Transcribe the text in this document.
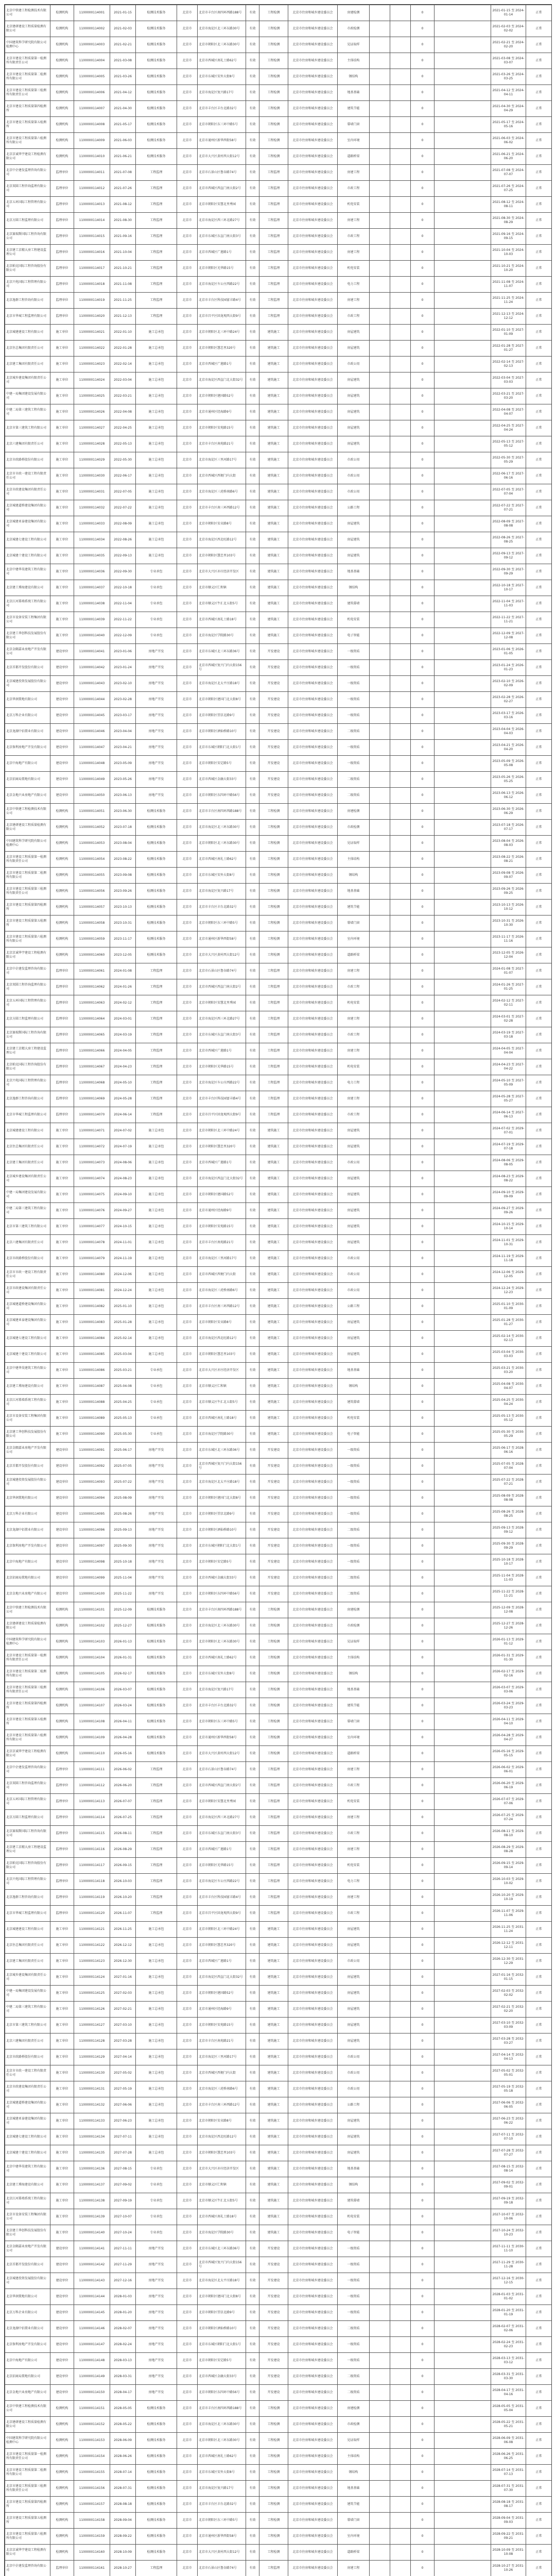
北京中铁建工程检测技术有限公司	检测机构	1100000114001	2021-01-15	检测技术服务	北京市	北京市丰台区南四环西路188号	有效	工程检测	北京市住房和城乡建设委员会	房建检测			0		2021-01-15 至 2024-01-14	正常
北京建研建设工程质量检测有限公司	检测机构	1100000114002	2021-02-03	检测技术服务	北京市	北京市海淀区北三环东路30号	有效	工程检测	北京市住房和城乡建设委员会	市政检测			0		2021-02-03 至 2024-02-02	正常
中国建筑科学研究院有限公司检测中心	检测机构	1100000114003	2021-02-21	检测技术服务	北京市	北京市朝阳区北三环东路30号	有效	工程检测	北京市住房和城乡建设委员会	见证取样			0		2021-02-21 至 2024-02-20	正常
北京市建设工程质量第一检测所有限责任公司	检测机构	1100000114004	2021-03-08	检测技术服务	北京市	北京市西城区南礼士路62号	有效	工程检测	北京市住房和城乡建设委员会	主体结构			0		2021-03-08 至 2024-03-07	正常
北京市建设工程质量第二检测所有限公司	检测机构	1100000114005	2021-03-26	检测技术服务	北京市	北京市东城区安外大街8号	有效	工程检测	北京市住房和城乡建设委员会	钢结构			0		2021-03-26 至 2024-03-25	正常
北京市建设工程质量第三检测所有限责任公司	检测机构	1100000114006	2021-04-12	检测技术服务	北京市	北京市海淀区复兴路17号	有效	工程检测	北京市住房和城乡建设委员会	地基基础			0		2021-04-12 至 2024-04-11	正常
北京市建设工程质量第四检测所	检测机构	1100000114007	2021-04-30	检测技术服务	北京市	北京市丰台区丰台北路32号	有效	工程检测	北京市住房和城乡建设委员会	建筑节能			0		2021-04-30 至 2024-04-29	正常
北京市建设工程质量第五检测所	检测机构	1100000114008	2021-05-17	检测技术服务	北京市	北京市朝阳区东三环中路5号	有效	工程检测	北京市住房和城乡建设委员会	幕墙门窗			0		2021-05-17 至 2024-05-16	正常
北京市建设工程质量第六检测所有限公司	检测机构	1100000114009	2021-06-03	检测技术服务	北京市	北京市通州区新华西街58号	有效	工程检测	北京市住房和城乡建设委员会	室内环境			0		2021-06-03 至 2024-06-02	正常
北京京诚华宇建设工程检测有限公司	检测机构	1100000114010	2021-06-21	检测技术服务	北京市	北京市大兴区黄村西大街12号	有效	工程检测	北京市住房和城乡建设委员会	道路桥梁			0		2021-06-21 至 2024-06-20	正常
北京中企建发监理咨询有限公司	监理单位	1100000114011	2021-07-08	工程监理	北京市	北京市石景山区鲁谷路74号	有效	工程监理	北京市住房和城乡建设委员会	房建工程			0		2021-07-08 至 2024-07-07	正常
北京双圆工程咨询监理有限公司	监理单位	1100000114012	2021-07-26	工程监理	北京市	北京市西城区西直门南大街2号	有效	工程监理	北京市住房和城乡建设委员会	市政工程			0		2021-07-26 至 2024-07-25	正常
北京五环国际工程管理有限公司	监理单位	1100000114013	2021-08-12	工程监理	北京市	北京市朝阳区安慧北里秀园	有效	工程监理	北京市住房和城乡建设委员会	机电安装			0		2021-08-12 至 2024-08-11	正常
北京方圆工程监理有限公司	监理单位	1100000114014	2021-08-30	工程监理	北京市	北京市海淀区西三环北路27号	有效	工程监理	北京市住房和城乡建设委员会	房建工程			0		2021-08-30 至 2024-08-29	正常
北京赛瑞斯国际工程咨询有限公司	监理单位	1100000114015	2021-09-16	工程监理	北京市	北京市东城区东直门南大街3号	有效	工程监理	北京市住房和城乡建设委员会	市政工程			0		2021-09-16 至 2024-09-15	正常
北京建工京精大房工程建设监理公司	监理单位	1100000114016	2021-10-04	工程监理	北京市	北京市西城区广莲路1号	有效	工程监理	北京市住房和城乡建设委员会	房建工程			0		2021-10-04 至 2024-10-03	正常
北京帕克国际工程咨询股份有限公司	监理单位	1100000114017	2021-10-21	工程监理	北京市	北京市朝阳区光华路15号	有效	工程监理	北京市住房和城乡建设委员会	机电安装			0		2021-10-21 至 2024-10-20	正常
北京兴电国际工程管理有限公司	监理单位	1100000114018	2021-11-08	工程监理	北京市	北京市海淀区车公庄西路22号	有效	工程监理	北京市住房和城乡建设委员会	电力工程			0		2021-11-08 至 2024-11-07	正常
北京逸群工程咨询有限公司	监理单位	1100000114019	2021-11-25	工程监理	北京市	北京市丰台区科技园富丰路4号	有效	工程监理	北京市住房和城乡建设委员会	房建工程			0		2021-11-25 至 2024-11-24	正常
北京市华城工程监理有限公司	监理单位	1100000114020	2021-12-13	工程监理	北京市	北京市昌平区回龙观西大街9号	有效	工程监理	北京市住房和城乡建设委员会	市政工程			0		2021-12-13 至 2024-12-12	正常
北京城建建设工程有限公司	施工单位	1100000114021	2022-01-10	施工总承包	北京市	北京市朝阳区北三环中路24号	有效	建筑施工	北京市住房和城乡建设委员会	房屋建筑			0		2022-01-10 至 2027-01-09	正常
北京住总集团有限责任公司	施工单位	1100000114022	2022-01-28	施工总承包	北京市	北京市朝阳区慧忠里320号	有效	建筑施工	北京市住房和城乡建设委员会	房屋建筑			0		2022-01-28 至 2027-01-27	正常
北京建工集团有限责任公司	施工单位	1100000114023	2022-02-14	施工总承包	北京市	北京市西城区广莲路1号	有效	建筑施工	北京市住房和城乡建设委员会	市政公用			0		2022-02-14 至 2027-02-13	正常
北京城乡建设集团有限责任公司	施工单位	1100000114024	2022-03-04	施工总承包	北京市	北京市海淀区西直门北大街32号	有效	建筑施工	北京市住房和城乡建设委员会	房屋建筑			0		2022-03-04 至 2027-03-03	正常
中建一局集团建设发展有限公司	施工单位	1100000114025	2022-03-21	施工总承包	北京市	北京市朝阳区建国路52号	有效	建筑施工	北京市住房和城乡建设委员会	房屋建筑			0		2022-03-21 至 2027-03-20	正常
中建二局第三建筑工程有限公司	施工单位	1100000114026	2022-04-08	施工总承包	北京市	北京市通州区经海路9号	有效	建筑施工	北京市住房和城乡建设委员会	房屋建筑			0		2022-04-08 至 2027-04-07	正常
北京市第三建筑工程有限公司	施工单位	1100000114027	2022-04-25	施工总承包	北京市	北京市朝阳区安苑路15号	有效	建筑施工	北京市住房和城乡建设委员会	房屋建筑			0		2022-04-25 至 2027-04-24	正常
北京六建集团有限责任公司	施工单位	1100000114028	2022-05-13	施工总承包	北京市	北京市丰台区南苑路21号	有效	建筑施工	北京市住房和城乡建设委员会	房屋建筑			0		2022-05-13 至 2027-05-12	正常
北京市政路桥股份有限公司	施工单位	1100000114029	2022-05-30	施工总承包	北京市	北京市海淀区三里河路17号	有效	建筑施工	北京市住房和城乡建设委员会	市政公用			0		2022-05-30 至 2027-05-29	正常
北京市市政一建设工程有限责任公司	施工单位	1100000114030	2022-06-17	施工总承包	北京市	北京市西城区西便门内大街	有效	建筑施工	北京市住房和城乡建设委员会	市政公用			0		2022-06-17 至 2027-06-16	正常
北京市政建设集团有限责任公司	施工单位	1100000114031	2022-07-05	施工总承包	北京市	北京市海淀区三虎桥南路6号	有效	建筑施工	北京市住房和城乡建设委员会	市政公用			0		2022-07-05 至 2027-07-04	正常
北京城建道桥建设集团有限公司	施工单位	1100000114032	2022-07-22	施工总承包	北京市	北京市丰台区南三环西路12号	有效	建筑施工	北京市住房和城乡建设委员会	公路工程			0		2022-07-22 至 2027-07-21	正常
北京城建亚泰建设集团有限公司	施工单位	1100000114033	2022-08-09	施工总承包	北京市	北京市朝阳区安贞路8号	有效	建筑施工	北京市住房和城乡建设委员会	房屋建筑			0		2022-08-09 至 2027-08-08	正常
北京城建七建设工程有限公司	施工单位	1100000114034	2022-08-26	施工总承包	北京市	北京市海淀区西北旺路12号	有效	建筑施工	北京市住房和城乡建设委员会	房屋建筑			0		2022-08-26 至 2027-08-25	正常
北京城建十建设工程有限公司	施工单位	1100000114035	2022-09-13	施工总承包	北京市	北京市朝阳区慧忠里103号	有效	建筑施工	北京市住房和城乡建设委员会	房屋建筑			0		2022-09-13 至 2027-09-12	正常
北京中建华昊建筑工程有限公司	施工单位	1100000114036	2022-09-30	专业承包	北京市	北京市大兴区亦庄经济开发区	有效	建筑施工	北京市住房和城乡建设委员会	地基基础			0		2022-09-30 至 2027-09-29	正常
北京建工博海建设有限公司	施工单位	1100000114037	2022-10-18	专业承包	北京市	北京市顺义区仁和镇	有效	建筑施工	北京市住房和城乡建设委员会	钢结构			0		2022-10-18 至 2027-10-17	正常
北京江河幕墙系统工程有限公司	施工单位	1100000114038	2022-11-04	专业承包	北京市	北京市顺义区牛汇北五街5号	有效	建筑施工	北京市住房和城乡建设委员会	建筑幕墙			0		2022-11-04 至 2027-11-03	正常
北京市设备安装工程集团有限公司	施工单位	1100000114039	2022-11-22	专业承包	北京市	北京市西城区南礼士路18号	有效	建筑施工	北京市住房和城乡建设委员会	机电安装			0		2022-11-22 至 2027-11-21	正常
北京建工华创科技发展股份有限公司	施工单位	1100000114040	2022-12-09	专业承包	北京市	北京市海淀区学院路30号	有效	建筑施工	北京市住房和城乡建设委员会	电子智能			0		2022-12-09 至 2027-12-08	正常
北京金隅嘉业房地产开发有限公司	建设单位	1100000114041	2023-01-06	房地产开发	北京市	北京市东城区北三环东路36号	有效	开发建设	北京市住房和城乡建设委员会	一级资质			0		2023-01-06 至 2026-01-05	正常
北京首都开发股份有限公司	建设单位	1100000114042	2023-01-24	房地产开发	北京市	北京市西城区复兴门内大街156号	有效	开发建设	北京市住房和城乡建设委员会	一级资质			0		2023-01-24 至 2026-01-23	正常
北京城建投资发展股份有限公司	建设单位	1100000114043	2023-02-10	房地产开发	北京市	北京市海淀区北太平庄路18号	有效	开发建设	北京市住房和城乡建设委员会	一级资质			0		2023-02-10 至 2026-02-09	正常
北京华润置地有限公司	建设单位	1100000114044	2023-02-28	房地产开发	北京市	北京市朝阳区建国门北大街8号	有效	开发建设	北京市住房和城乡建设委员会	一级资质			0		2023-02-28 至 2026-02-27	正常
北京万科企业有限公司	建设单位	1100000114045	2023-03-17	房地产开发	北京市	北京市朝阳区望京北路9号	有效	开发建设	北京市住房和城乡建设委员会	一级资质			0		2023-03-17 至 2026-03-16	正常
北京龙湖中佰置业有限公司	建设单位	1100000114046	2023-04-04	房地产开发	北京市	北京市朝阳区酒仙桥路10号	有效	开发建设	北京市住房和城乡建设委员会	二级资质			0		2023-04-04 至 2026-04-03	正常
北京保利房地产开发有限公司	建设单位	1100000114047	2023-04-21	房地产开发	北京市	北京市东城区朝阳门北大街1号	有效	开发建设	北京市住房和城乡建设委员会	一级资质			0		2023-04-21 至 2026-04-20	正常
北京中海地产有限公司	建设单位	1100000114048	2023-05-09	房地产开发	北京市	北京市朝阳区安定路5号	有效	开发建设	北京市住房和城乡建设委员会	一级资质			0		2023-05-09 至 2026-05-08	正常
北京招商局置地有限公司	建设单位	1100000114049	2023-05-26	房地产开发	北京市	北京市西城区金融大街33号	有效	开发建设	北京市住房和城乡建设委员会	二级资质			0		2023-05-26 至 2026-05-25	正常
北京金地兴业房地产有限公司	建设单位	1100000114050	2023-06-13	房地产开发	北京市	北京市朝阳区东四环中路56号	有效	开发建设	北京市住房和城乡建设委员会	二级资质			0		2023-06-13 至 2026-06-12	正常
北京中铁建工程检测技术有限公司	检测机构	1100000114051	2023-06-30	检测技术服务	北京市	北京市丰台区南四环西路188号	有效	工程检测	北京市住房和城乡建设委员会	房建检测			0		2023-06-30 至 2026-06-29	正常
北京建研建设工程质量检测有限公司	检测机构	1100000114052	2023-07-18	检测技术服务	北京市	北京市海淀区北三环东路30号	有效	工程检测	北京市住房和城乡建设委员会	市政检测			0		2023-07-18 至 2026-07-17	正常
中国建筑科学研究院有限公司检测中心	检测机构	1100000114053	2023-08-04	检测技术服务	北京市	北京市朝阳区北三环东路30号	有效	工程检测	北京市住房和城乡建设委员会	见证取样			0		2023-08-04 至 2026-08-03	正常
北京市建设工程质量第一检测所有限责任公司	检测机构	1100000114054	2023-08-22	检测技术服务	北京市	北京市西城区南礼士路62号	有效	工程检测	北京市住房和城乡建设委员会	主体结构			0		2023-08-22 至 2026-08-21	正常
北京市建设工程质量第二检测所有限公司	检测机构	1100000114055	2023-09-08	检测技术服务	北京市	北京市东城区安外大街8号	有效	工程检测	北京市住房和城乡建设委员会	钢结构			0		2023-09-08 至 2026-09-07	正常
北京市建设工程质量第三检测所有限责任公司	检测机构	1100000114056	2023-09-26	检测技术服务	北京市	北京市海淀区复兴路17号	有效	工程检测	北京市住房和城乡建设委员会	地基基础			0		2023-09-26 至 2026-09-25	正常
北京市建设工程质量第四检测所	检测机构	1100000114057	2023-10-13	检测技术服务	北京市	北京市丰台区丰台北路32号	有效	工程检测	北京市住房和城乡建设委员会	建筑节能			0		2023-10-13 至 2026-10-12	正常
北京市建设工程质量第五检测所	检测机构	1100000114058	2023-10-31	检测技术服务	北京市	北京市朝阳区东三环中路5号	有效	工程检测	北京市住房和城乡建设委员会	幕墙门窗			0		2023-10-31 至 2026-10-30	正常
北京市建设工程质量第六检测所有限公司	检测机构	1100000114059	2023-11-17	检测技术服务	北京市	北京市通州区新华西街58号	有效	工程检测	北京市住房和城乡建设委员会	室内环境			0		2023-11-17 至 2026-11-16	正常
北京京诚华宇建设工程检测有限公司	检测机构	1100000114060	2023-12-05	检测技术服务	北京市	北京市大兴区黄村西大街12号	有效	工程检测	北京市住房和城乡建设委员会	道路桥梁			0		2023-12-05 至 2026-12-04	正常
北京中企建发监理咨询有限公司	监理单位	1100000114061	2024-01-08	工程监理	北京市	北京市石景山区鲁谷路74号	有效	工程监理	北京市住房和城乡建设委员会	房建工程			0		2024-01-08 至 2027-01-07	正常
北京双圆工程咨询监理有限公司	监理单位	1100000114062	2024-01-26	工程监理	北京市	北京市西城区西直门南大街2号	有效	工程监理	北京市住房和城乡建设委员会	市政工程			0		2024-01-26 至 2027-01-25	正常
北京五环国际工程管理有限公司	监理单位	1100000114063	2024-02-12	工程监理	北京市	北京市朝阳区安慧北里秀园	有效	工程监理	北京市住房和城乡建设委员会	机电安装			0		2024-02-12 至 2027-02-11	正常
北京方圆工程监理有限公司	监理单位	1100000114064	2024-03-01	工程监理	北京市	北京市海淀区西三环北路27号	有效	工程监理	北京市住房和城乡建设委员会	房建工程			0		2024-03-01 至 2027-02-28	正常
北京赛瑞斯国际工程咨询有限公司	监理单位	1100000114065	2024-03-19	工程监理	北京市	北京市东城区东直门南大街3号	有效	工程监理	北京市住房和城乡建设委员会	市政工程			0		2024-03-19 至 2027-03-18	正常
北京建工京精大房工程建设监理公司	监理单位	1100000114066	2024-04-05	工程监理	北京市	北京市西城区广莲路1号	有效	工程监理	北京市住房和城乡建设委员会	房建工程			0		2024-04-05 至 2027-04-04	正常
北京帕克国际工程咨询股份有限公司	监理单位	1100000114067	2024-04-23	工程监理	北京市	北京市朝阳区光华路15号	有效	工程监理	北京市住房和城乡建设委员会	机电安装			0		2024-04-23 至 2027-04-22	正常
北京兴电国际工程管理有限公司	监理单位	1100000114068	2024-05-10	工程监理	北京市	北京市海淀区车公庄西路22号	有效	工程监理	北京市住房和城乡建设委员会	电力工程			0		2024-05-10 至 2027-05-09	正常
北京逸群工程咨询有限公司	监理单位	1100000114069	2024-05-28	工程监理	北京市	北京市丰台区科技园富丰路4号	有效	工程监理	北京市住房和城乡建设委员会	房建工程			0		2024-05-28 至 2027-05-27	正常
北京市华城工程监理有限公司	监理单位	1100000114070	2024-06-14	工程监理	北京市	北京市昌平区回龙观西大街9号	有效	工程监理	北京市住房和城乡建设委员会	市政工程			0		2024-06-14 至 2027-06-13	正常
北京城建建设工程有限公司	施工单位	1100000114071	2024-07-02	施工总承包	北京市	北京市朝阳区北三环中路24号	有效	建筑施工	北京市住房和城乡建设委员会	房屋建筑			0		2024-07-02 至 2029-07-01	正常
北京住总集团有限责任公司	施工单位	1100000114072	2024-07-19	施工总承包	北京市	北京市朝阳区慧忠里320号	有效	建筑施工	北京市住房和城乡建设委员会	房屋建筑			0		2024-07-19 至 2029-07-18	正常
北京建工集团有限责任公司	施工单位	1100000114073	2024-08-06	施工总承包	北京市	北京市西城区广莲路1号	有效	建筑施工	北京市住房和城乡建设委员会	市政公用			0		2024-08-06 至 2029-08-05	正常
北京城乡建设集团有限责任公司	施工单位	1100000114074	2024-08-23	施工总承包	北京市	北京市海淀区西直门北大街32号	有效	建筑施工	北京市住房和城乡建设委员会	房屋建筑			0		2024-08-23 至 2029-08-22	正常
中建一局集团建设发展有限公司	施工单位	1100000114075	2024-09-10	施工总承包	北京市	北京市朝阳区建国路52号	有效	建筑施工	北京市住房和城乡建设委员会	房屋建筑			0		2024-09-10 至 2029-09-09	正常
中建二局第三建筑工程有限公司	施工单位	1100000114076	2024-09-27	施工总承包	北京市	北京市通州区经海路9号	有效	建筑施工	北京市住房和城乡建设委员会	房屋建筑			0		2024-09-27 至 2029-09-26	正常
北京市第三建筑工程有限公司	施工单位	1100000114077	2024-10-15	施工总承包	北京市	北京市朝阳区安苑路15号	有效	建筑施工	北京市住房和城乡建设委员会	房屋建筑			0		2024-10-15 至 2029-10-14	正常
北京六建集团有限责任公司	施工单位	1100000114078	2024-11-01	施工总承包	北京市	北京市丰台区南苑路21号	有效	建筑施工	北京市住房和城乡建设委员会	房屋建筑			0		2024-11-01 至 2029-10-31	正常
北京市政路桥股份有限公司	施工单位	1100000114079	2024-11-19	施工总承包	北京市	北京市海淀区三里河路17号	有效	建筑施工	北京市住房和城乡建设委员会	市政公用			0		2024-11-19 至 2029-11-18	正常
北京市市政一建设工程有限责任公司	施工单位	1100000114080	2024-12-06	施工总承包	北京市	北京市西城区西便门内大街	有效	建筑施工	北京市住房和城乡建设委员会	市政公用			0		2024-12-06 至 2029-12-05	正常
北京市政建设集团有限责任公司	施工单位	1100000114081	2024-12-24	施工总承包	北京市	北京市海淀区三虎桥南路6号	有效	建筑施工	北京市住房和城乡建设委员会	市政公用			0		2024-12-24 至 2029-12-23	正常
北京城建道桥建设集团有限公司	施工单位	1100000114082	2025-01-10	施工总承包	北京市	北京市丰台区南三环西路12号	有效	建筑施工	北京市住房和城乡建设委员会	公路工程			0		2025-01-10 至 2030-01-09	正常
北京城建亚泰建设集团有限公司	施工单位	1100000114083	2025-01-28	施工总承包	北京市	北京市朝阳区安贞路8号	有效	建筑施工	北京市住房和城乡建设委员会	房屋建筑			0		2025-01-28 至 2030-01-27	正常
北京城建七建设工程有限公司	施工单位	1100000114084	2025-02-14	施工总承包	北京市	北京市海淀区西北旺路12号	有效	建筑施工	北京市住房和城乡建设委员会	房屋建筑			0		2025-02-14 至 2030-02-13	正常
北京城建十建设工程有限公司	施工单位	1100000114085	2025-03-04	施工总承包	北京市	北京市朝阳区慧忠里103号	有效	建筑施工	北京市住房和城乡建设委员会	房屋建筑			0		2025-03-04 至 2030-03-03	正常
北京中建华昊建筑工程有限公司	施工单位	1100000114086	2025-03-21	专业承包	北京市	北京市大兴区亦庄经济开发区	有效	建筑施工	北京市住房和城乡建设委员会	地基基础			0		2025-03-21 至 2030-03-20	正常
北京建工博海建设有限公司	施工单位	1100000114087	2025-04-08	专业承包	北京市	北京市顺义区仁和镇	有效	建筑施工	北京市住房和城乡建设委员会	钢结构			0		2025-04-08 至 2030-04-07	正常
北京江河幕墙系统工程有限公司	施工单位	1100000114088	2025-04-25	专业承包	北京市	北京市顺义区牛汇北五街5号	有效	建筑施工	北京市住房和城乡建设委员会	建筑幕墙			0		2025-04-25 至 2030-04-24	正常
北京市设备安装工程集团有限公司	施工单位	1100000114089	2025-05-13	专业承包	北京市	北京市西城区南礼士路18号	有效	建筑施工	北京市住房和城乡建设委员会	机电安装			0		2025-05-13 至 2030-05-12	正常
北京建工华创科技发展股份有限公司	施工单位	1100000114090	2025-05-30	专业承包	北京市	北京市海淀区学院路30号	有效	建筑施工	北京市住房和城乡建设委员会	电子智能			0		2025-05-30 至 2030-05-29	正常
北京金隅嘉业房地产开发有限公司	建设单位	1100000114091	2025-06-17	房地产开发	北京市	北京市东城区北三环东路36号	有效	开发建设	北京市住房和城乡建设委员会	一级资质			0		2025-06-17 至 2028-06-16	正常
北京首都开发股份有限公司	建设单位	1100000114092	2025-07-05	房地产开发	北京市	北京市西城区复兴门内大街156号	有效	开发建设	北京市住房和城乡建设委员会	一级资质			0		2025-07-05 至 2028-07-04	正常
北京城建投资发展股份有限公司	建设单位	1100000114093	2025-07-22	房地产开发	北京市	北京市海淀区北太平庄路18号	有效	开发建设	北京市住房和城乡建设委员会	一级资质			0		2025-07-22 至 2028-07-21	正常
北京华润置地有限公司	建设单位	1100000114094	2025-08-09	房地产开发	北京市	北京市朝阳区建国门北大街8号	有效	开发建设	北京市住房和城乡建设委员会	一级资质			0		2025-08-09 至 2028-08-08	正常
北京万科企业有限公司	建设单位	1100000114095	2025-08-26	房地产开发	北京市	北京市朝阳区望京北路9号	有效	开发建设	北京市住房和城乡建设委员会	一级资质			0		2025-08-26 至 2028-08-25	正常
北京龙湖中佰置业有限公司	建设单位	1100000114096	2025-09-13	房地产开发	北京市	北京市朝阳区酒仙桥路10号	有效	开发建设	北京市住房和城乡建设委员会	二级资质			0		2025-09-13 至 2028-09-12	正常
北京保利房地产开发有限公司	建设单位	1100000114097	2025-09-30	房地产开发	北京市	北京市东城区朝阳门北大街1号	有效	开发建设	北京市住房和城乡建设委员会	一级资质			0		2025-09-30 至 2028-09-29	正常
北京中海地产有限公司	建设单位	1100000114098	2025-10-18	房地产开发	北京市	北京市朝阳区安定路5号	有效	开发建设	北京市住房和城乡建设委员会	一级资质			0		2025-10-18 至 2028-10-17	正常
北京招商局置地有限公司	建设单位	1100000114099	2025-11-04	房地产开发	北京市	北京市西城区金融大街33号	有效	开发建设	北京市住房和城乡建设委员会	二级资质			0		2025-11-04 至 2028-11-03	正常
北京金地兴业房地产有限公司	建设单位	1100000114100	2025-11-22	房地产开发	北京市	北京市朝阳区东四环中路56号	有效	开发建设	北京市住房和城乡建设委员会	二级资质			0		2025-11-22 至 2028-11-21	正常
北京中铁建工程检测技术有限公司	检测机构	1100000114101	2025-12-09	检测技术服务	北京市	北京市丰台区南四环西路188号	有效	工程检测	北京市住房和城乡建设委员会	房建检测			0		2025-12-09 至 2028-12-08	正常
北京建研建设工程质量检测有限公司	检测机构	1100000114102	2025-12-27	检测技术服务	北京市	北京市海淀区北三环东路30号	有效	工程检测	北京市住房和城乡建设委员会	市政检测			0		2025-12-27 至 2028-12-26	正常
中国建筑科学研究院有限公司检测中心	检测机构	1100000114103	2026-01-13	检测技术服务	北京市	北京市朝阳区北三环东路30号	有效	工程检测	北京市住房和城乡建设委员会	见证取样			0		2026-01-13 至 2029-01-12	正常
北京市建设工程质量第一检测所有限责任公司	检测机构	1100000114104	2026-01-31	检测技术服务	北京市	北京市西城区南礼士路62号	有效	工程检测	北京市住房和城乡建设委员会	主体结构			0		2026-01-31 至 2029-01-30	正常
北京市建设工程质量第二检测所有限公司	检测机构	1100000114105	2026-02-17	检测技术服务	北京市	北京市东城区安外大街8号	有效	工程检测	北京市住房和城乡建设委员会	钢结构			0		2026-02-17 至 2029-02-16	正常
北京市建设工程质量第三检测所有限责任公司	检测机构	1100000114106	2026-03-07	检测技术服务	北京市	北京市海淀区复兴路17号	有效	工程检测	北京市住房和城乡建设委员会	地基基础			0		2026-03-07 至 2029-03-06	正常
北京市建设工程质量第四检测所	检测机构	1100000114107	2026-03-24	检测技术服务	北京市	北京市丰台区丰台北路32号	有效	工程检测	北京市住房和城乡建设委员会	建筑节能			0		2026-03-24 至 2029-03-23	正常
北京市建设工程质量第五检测所	检测机构	1100000114108	2026-04-11	检测技术服务	北京市	北京市朝阳区东三环中路5号	有效	工程检测	北京市住房和城乡建设委员会	幕墙门窗			0		2026-04-11 至 2029-04-10	正常
北京市建设工程质量第六检测所有限公司	检测机构	1100000114109	2026-04-28	检测技术服务	北京市	北京市通州区新华西街58号	有效	工程检测	北京市住房和城乡建设委员会	室内环境			0		2026-04-28 至 2029-04-27	正常
北京京诚华宇建设工程检测有限公司	检测机构	1100000114110	2026-05-16	检测技术服务	北京市	北京市大兴区黄村西大街12号	有效	工程检测	北京市住房和城乡建设委员会	道路桥梁			0		2026-05-16 至 2029-05-15	正常
北京中企建发监理咨询有限公司	监理单位	1100000114111	2026-06-02	工程监理	北京市	北京市石景山区鲁谷路74号	有效	工程监理	北京市住房和城乡建设委员会	房建工程			0		2026-06-02 至 2029-06-01	正常
北京双圆工程咨询监理有限公司	监理单位	1100000114112	2026-06-20	工程监理	北京市	北京市西城区西直门南大街2号	有效	工程监理	北京市住房和城乡建设委员会	市政工程			0		2026-06-20 至 2029-06-19	正常
北京五环国际工程管理有限公司	监理单位	1100000114113	2026-07-07	工程监理	北京市	北京市朝阳区安慧北里秀园	有效	工程监理	北京市住房和城乡建设委员会	机电安装			0		2026-07-07 至 2029-07-06	正常
北京方圆工程监理有限公司	监理单位	1100000114114	2026-07-25	工程监理	北京市	北京市海淀区西三环北路27号	有效	工程监理	北京市住房和城乡建设委员会	房建工程			0		2026-07-25 至 2029-07-24	正常
北京赛瑞斯国际工程咨询有限公司	监理单位	1100000114115	2026-08-11	工程监理	北京市	北京市东城区东直门南大街3号	有效	工程监理	北京市住房和城乡建设委员会	市政工程			0		2026-08-11 至 2029-08-10	正常
北京建工京精大房工程建设监理公司	监理单位	1100000114116	2026-08-29	工程监理	北京市	北京市西城区广莲路1号	有效	工程监理	北京市住房和城乡建设委员会	房建工程			0		2026-08-29 至 2029-08-28	正常
北京帕克国际工程咨询股份有限公司	监理单位	1100000114117	2026-09-15	工程监理	北京市	北京市朝阳区光华路15号	有效	工程监理	北京市住房和城乡建设委员会	机电安装			0		2026-09-15 至 2029-09-14	正常
北京兴电国际工程管理有限公司	监理单位	1100000114118	2026-10-03	工程监理	北京市	北京市海淀区车公庄西路22号	有效	工程监理	北京市住房和城乡建设委员会	电力工程			0		2026-10-03 至 2029-10-02	正常
北京逸群工程咨询有限公司	监理单位	1100000114119	2026-10-20	工程监理	北京市	北京市丰台区科技园富丰路4号	有效	工程监理	北京市住房和城乡建设委员会	房建工程			0		2026-10-20 至 2029-10-19	正常
北京市华城工程监理有限公司	监理单位	1100000114120	2026-11-07	工程监理	北京市	北京市昌平区回龙观西大街9号	有效	工程监理	北京市住房和城乡建设委员会	市政工程			0		2026-11-07 至 2029-11-06	正常
北京城建建设工程有限公司	施工单位	1100000114121	2026-11-25	施工总承包	北京市	北京市朝阳区北三环中路24号	有效	建筑施工	北京市住房和城乡建设委员会	房屋建筑			0		2026-11-25 至 2031-11-24	正常
北京住总集团有限责任公司	施工单位	1100000114122	2026-12-12	施工总承包	北京市	北京市朝阳区慧忠里320号	有效	建筑施工	北京市住房和城乡建设委员会	房屋建筑			0		2026-12-12 至 2031-12-11	正常
北京建工集团有限责任公司	施工单位	1100000114123	2026-12-30	施工总承包	北京市	北京市西城区广莲路1号	有效	建筑施工	北京市住房和城乡建设委员会	市政公用			0		2026-12-30 至 2031-12-29	正常
北京城乡建设集团有限责任公司	施工单位	1100000114124	2027-01-16	施工总承包	北京市	北京市海淀区西直门北大街32号	有效	建筑施工	北京市住房和城乡建设委员会	房屋建筑			0		2027-01-16 至 2032-01-15	正常
中建一局集团建设发展有限公司	施工单位	1100000114125	2027-02-03	施工总承包	北京市	北京市朝阳区建国路52号	有效	建筑施工	北京市住房和城乡建设委员会	房屋建筑			0		2027-02-03 至 2032-02-02	正常
中建二局第三建筑工程有限公司	施工单位	1100000114126	2027-02-21	施工总承包	北京市	北京市通州区经海路9号	有效	建筑施工	北京市住房和城乡建设委员会	房屋建筑			0		2027-02-21 至 2032-02-20	正常
北京市第三建筑工程有限公司	施工单位	1100000114127	2027-03-10	施工总承包	北京市	北京市朝阳区安苑路15号	有效	建筑施工	北京市住房和城乡建设委员会	房屋建筑			0		2027-03-10 至 2032-03-09	正常
北京六建集团有限责任公司	施工单位	1100000114128	2027-03-28	施工总承包	北京市	北京市丰台区南苑路21号	有效	建筑施工	北京市住房和城乡建设委员会	房屋建筑			0		2027-03-28 至 2032-03-27	正常
北京市政路桥股份有限公司	施工单位	1100000114129	2027-04-14	施工总承包	北京市	北京市海淀区三里河路17号	有效	建筑施工	北京市住房和城乡建设委员会	市政公用			0		2027-04-14 至 2032-04-13	正常
北京市市政一建设工程有限责任公司	施工单位	1100000114130	2027-05-02	施工总承包	北京市	北京市西城区西便门内大街	有效	建筑施工	北京市住房和城乡建设委员会	市政公用			0		2027-05-02 至 2032-05-01	正常
北京市政建设集团有限责任公司	施工单位	1100000114131	2027-05-19	施工总承包	北京市	北京市海淀区三虎桥南路6号	有效	建筑施工	北京市住房和城乡建设委员会	市政公用			0		2027-05-19 至 2032-05-18	正常
北京城建道桥建设集团有限公司	施工单位	1100000114132	2027-06-06	施工总承包	北京市	北京市丰台区南三环西路12号	有效	建筑施工	北京市住房和城乡建设委员会	公路工程			0		2027-06-06 至 2032-06-05	正常
北京城建亚泰建设集团有限公司	施工单位	1100000114133	2027-06-23	施工总承包	北京市	北京市朝阳区安贞路8号	有效	建筑施工	北京市住房和城乡建设委员会	房屋建筑			0		2027-06-23 至 2032-06-22	正常
北京城建七建设工程有限公司	施工单位	1100000114134	2027-07-11	施工总承包	北京市	北京市海淀区西北旺路12号	有效	建筑施工	北京市住房和城乡建设委员会	房屋建筑			0		2027-07-11 至 2032-07-10	正常
北京城建十建设工程有限公司	施工单位	1100000114135	2027-07-28	施工总承包	北京市	北京市朝阳区慧忠里103号	有效	建筑施工	北京市住房和城乡建设委员会	房屋建筑			0		2027-07-28 至 2032-07-27	正常
北京中建华昊建筑工程有限公司	施工单位	1100000114136	2027-08-15	专业承包	北京市	北京市大兴区亦庄经济开发区	有效	建筑施工	北京市住房和城乡建设委员会	地基基础			0		2027-08-15 至 2032-08-14	正常
北京建工博海建设有限公司	施工单位	1100000114137	2027-09-02	专业承包	北京市	北京市顺义区仁和镇	有效	建筑施工	北京市住房和城乡建设委员会	钢结构			0		2027-09-02 至 2032-09-01	正常
北京江河幕墙系统工程有限公司	施工单位	1100000114138	2027-09-19	专业承包	北京市	北京市顺义区牛汇北五街5号	有效	建筑施工	北京市住房和城乡建设委员会	建筑幕墙			0		2027-09-19 至 2032-09-18	正常
北京市设备安装工程集团有限公司	施工单位	1100000114139	2027-10-07	专业承包	北京市	北京市西城区南礼士路18号	有效	建筑施工	北京市住房和城乡建设委员会	机电安装			0		2027-10-07 至 2032-10-06	正常
北京建工华创科技发展股份有限公司	施工单位	1100000114140	2027-10-24	专业承包	北京市	北京市海淀区学院路30号	有效	建筑施工	北京市住房和城乡建设委员会	电子智能			0		2027-10-24 至 2032-10-23	正常
北京金隅嘉业房地产开发有限公司	建设单位	1100000114141	2027-11-11	房地产开发	北京市	北京市东城区北三环东路36号	有效	开发建设	北京市住房和城乡建设委员会	一级资质			0		2027-11-11 至 2030-11-10	正常
北京首都开发股份有限公司	建设单位	1100000114142	2027-11-29	房地产开发	北京市	北京市西城区复兴门内大街156号	有效	开发建设	北京市住房和城乡建设委员会	一级资质			0		2027-11-29 至 2030-11-28	正常
北京城建投资发展股份有限公司	建设单位	1100000114143	2027-12-16	房地产开发	北京市	北京市海淀区北太平庄路18号	有效	开发建设	北京市住房和城乡建设委员会	一级资质			0		2027-12-16 至 2030-12-15	正常
北京华润置地有限公司	建设单位	1100000114144	2028-01-03	房地产开发	北京市	北京市朝阳区建国门北大街8号	有效	开发建设	北京市住房和城乡建设委员会	一级资质			0		2028-01-03 至 2031-01-02	正常
北京万科企业有限公司	建设单位	1100000114145	2028-01-20	房地产开发	北京市	北京市朝阳区望京北路9号	有效	开发建设	北京市住房和城乡建设委员会	一级资质			0		2028-01-20 至 2031-01-19	正常
北京龙湖中佰置业有限公司	建设单位	1100000114146	2028-02-07	房地产开发	北京市	北京市朝阳区酒仙桥路10号	有效	开发建设	北京市住房和城乡建设委员会	二级资质			0		2028-02-07 至 2031-02-06	正常
北京保利房地产开发有限公司	建设单位	1100000114147	2028-02-24	房地产开发	北京市	北京市东城区朝阳门北大街1号	有效	开发建设	北京市住房和城乡建设委员会	一级资质			0		2028-02-24 至 2031-02-23	正常
北京中海地产有限公司	建设单位	1100000114148	2028-03-13	房地产开发	北京市	北京市朝阳区安定路5号	有效	开发建设	北京市住房和城乡建设委员会	一级资质			0		2028-03-13 至 2031-03-12	正常
北京招商局置地有限公司	建设单位	1100000114149	2028-03-31	房地产开发	北京市	北京市西城区金融大街33号	有效	开发建设	北京市住房和城乡建设委员会	二级资质			0		2028-03-31 至 2031-03-30	正常
北京金地兴业房地产有限公司	建设单位	1100000114150	2028-04-17	房地产开发	北京市	北京市朝阳区东四环中路56号	有效	开发建设	北京市住房和城乡建设委员会	二级资质			0		2028-04-17 至 2031-04-16	正常
北京中铁建工程检测技术有限公司	检测机构	1100000114151	2028-05-05	检测技术服务	北京市	北京市丰台区南四环西路188号	有效	工程检测	北京市住房和城乡建设委员会	房建检测			0		2028-05-05 至 2031-05-04	正常
北京建研建设工程质量检测有限公司	检测机构	1100000114152	2028-05-22	检测技术服务	北京市	北京市海淀区北三环东路30号	有效	工程检测	北京市住房和城乡建设委员会	市政检测			0		2028-05-22 至 2031-05-21	正常
中国建筑科学研究院有限公司检测中心	检测机构	1100000114153	2028-06-09	检测技术服务	北京市	北京市朝阳区北三环东路30号	有效	工程检测	北京市住房和城乡建设委员会	见证取样			0		2028-06-09 至 2031-06-08	正常
北京市建设工程质量第一检测所有限责任公司	检测机构	1100000114154	2028-06-26	检测技术服务	北京市	北京市西城区南礼士路62号	有效	工程检测	北京市住房和城乡建设委员会	主体结构			0		2028-06-26 至 2031-06-25	正常
北京市建设工程质量第二检测所有限公司	检测机构	1100000114155	2028-07-14	检测技术服务	北京市	北京市东城区安外大街8号	有效	工程检测	北京市住房和城乡建设委员会	钢结构			0		2028-07-14 至 2031-07-13	正常
北京市建设工程质量第三检测所有限责任公司	检测机构	1100000114156	2028-07-31	检测技术服务	北京市	北京市海淀区复兴路17号	有效	工程检测	北京市住房和城乡建设委员会	地基基础			0		2028-07-31 至 2031-07-30	正常
北京市建设工程质量第四检测所	检测机构	1100000114157	2028-08-18	检测技术服务	北京市	北京市丰台区丰台北路32号	有效	工程检测	北京市住房和城乡建设委员会	建筑节能			0		2028-08-18 至 2031-08-17	正常
北京市建设工程质量第五检测所	检测机构	1100000114158	2028-09-04	检测技术服务	北京市	北京市朝阳区东三环中路5号	有效	工程检测	北京市住房和城乡建设委员会	幕墙门窗			0		2028-09-04 至 2031-09-03	正常
北京市建设工程质量第六检测所有限公司	检测机构	1100000114159	2028-09-22	检测技术服务	北京市	北京市通州区新华西街58号	有效	工程检测	北京市住房和城乡建设委员会	室内环境			0		2028-09-22 至 2031-09-21	正常
北京京诚华宇建设工程检测有限公司	检测机构	1100000114160	2028-10-09	检测技术服务	北京市	北京市大兴区黄村西大街12号	有效	工程检测	北京市住房和城乡建设委员会	道路桥梁			0		2028-10-09 至 2031-10-08	正常
北京中企建发监理咨询有限公司	监理单位	1100000114161	2028-10-27	工程监理	北京市	北京市石景山区鲁谷路74号	有效	工程监理	北京市住房和城乡建设委员会	房建工程			0		2028-10-27 至 2031-10-26	正常
